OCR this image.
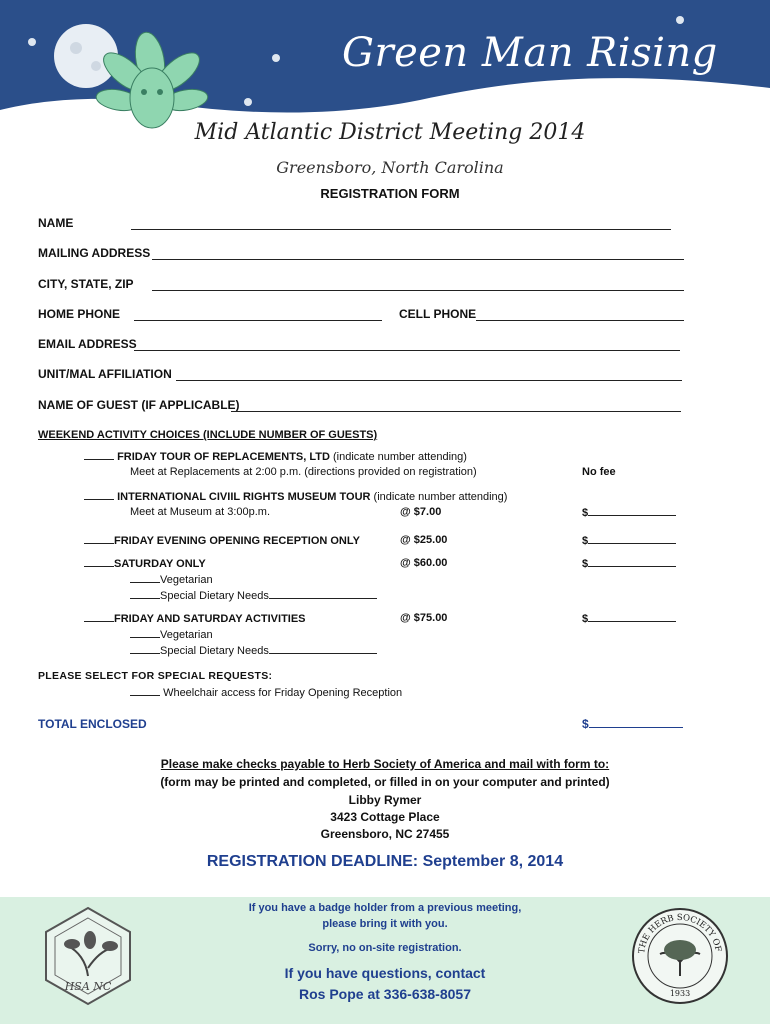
Green Man Rising
Mid Atlantic District Meeting 2014
Greensboro, North Carolina
REGISTRATION FORM
NAME
MAILING ADDRESS
CITY, STATE, ZIP
HOME PHONE	CELL PHONE
EMAIL ADDRESS
UNIT/MAL AFFILIATION
NAME OF GUEST (IF APPLICABLE)
WEEKEND ACTIVITY CHOICES (INCLUDE NUMBER OF GUESTS)
FRIDAY TOUR OF REPLACEMENTS, LTD (indicate number attending)
Meet at Replacements at 2:00 p.m. (directions provided on registration)	No fee
INTERNATIONAL CIVIIL RIGHTS MUSEUM TOUR (indicate number attending)
Meet at Museum at 3:00p.m.	@ $7.00	$
FRIDAY EVENING OPENING RECEPTION ONLY	@ $25.00	$
SATURDAY ONLY	@ $60.00	$
Vegetarian
Special Dietary Needs
FRIDAY AND SATURDAY ACTIVITIES	@ $75.00	$
Vegetarian
Special Dietary Needs
PLEASE SELECT FOR SPECIAL REQUESTS:
Wheelchair access for Friday Opening Reception
TOTAL ENCLOSED	$
Please make checks payable to Herb Society of America and mail with form to:
(form may be printed and completed, or filled in on your computer and printed)
Libby Rymer
3423 Cottage Place
Greensboro, NC 27455
REGISTRATION DEADLINE: September 8, 2014
If you have a badge holder from a previous meeting,
please bring it with you.
Sorry, no on-site registration.
If you have questions, contact
Ros Pope at 336-638-8057
HSA NC
THE HERB SOCIETY OF
1933
